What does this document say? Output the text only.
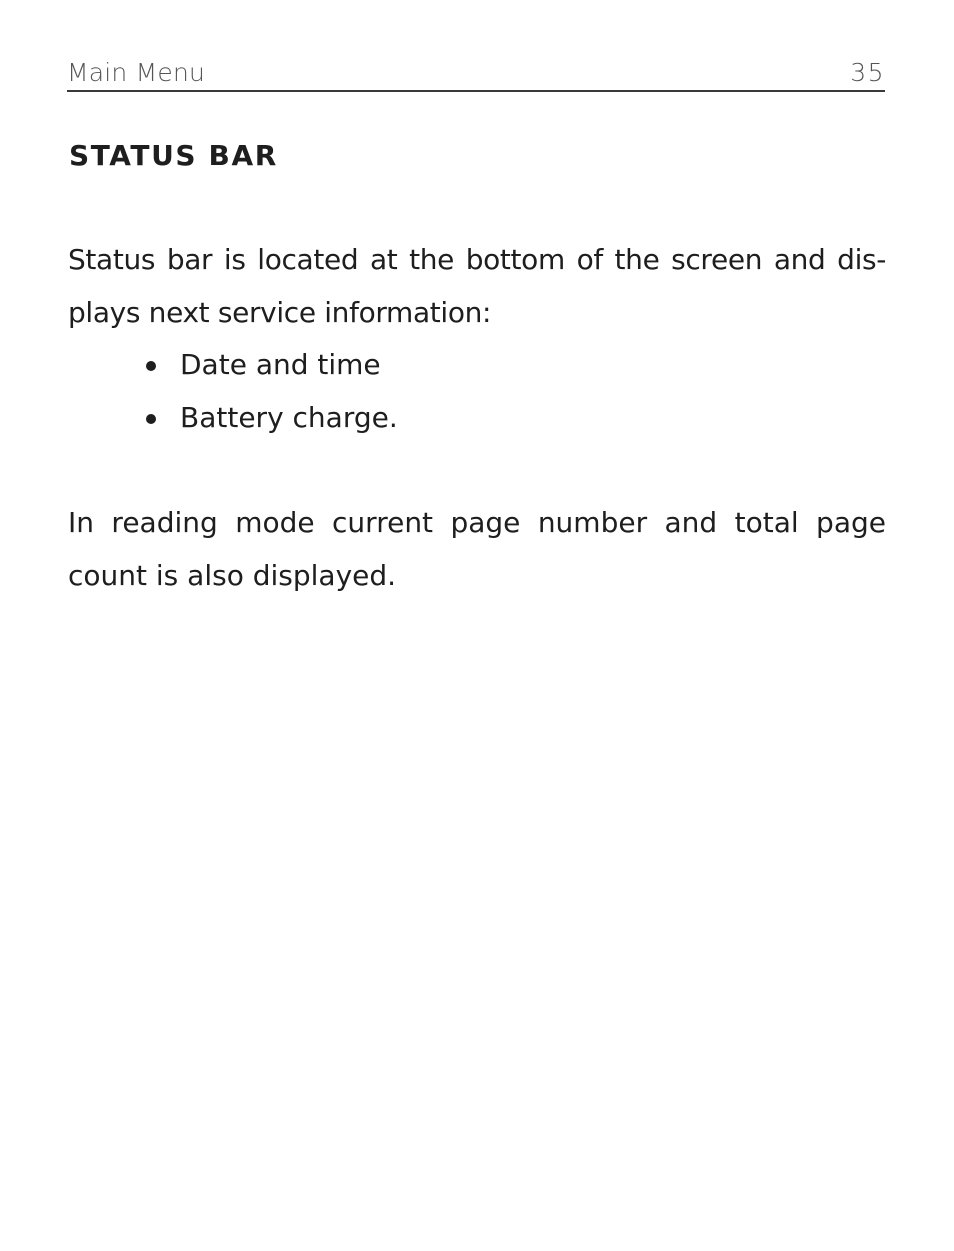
Main Menu	35
STATUS BAR

Status bar is located at the bottom of the screen and dis- plays next service information:

Date and time
Battery charge.

In reading mode current page number and total page count is also displayed.
